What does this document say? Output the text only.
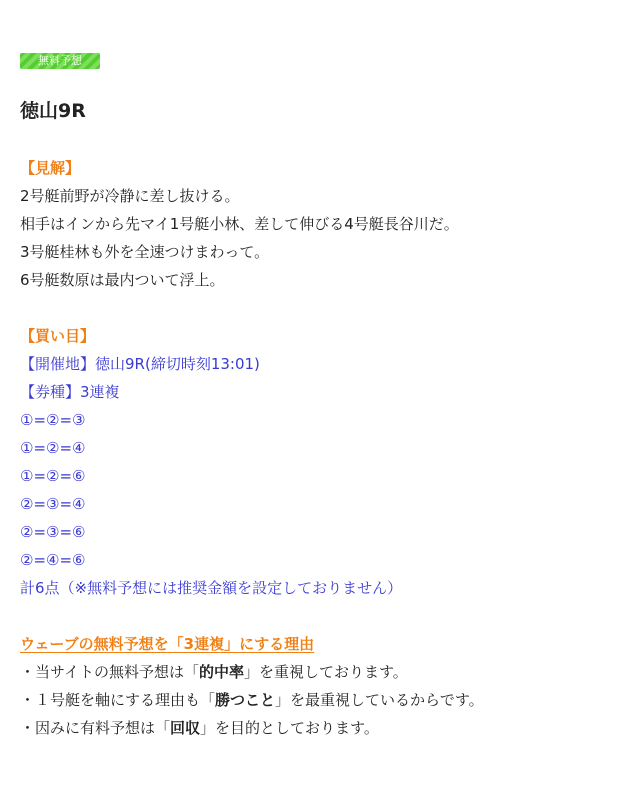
無料予想
徳山9R
【見解】
2号艇前野が冷静に差し抜ける。
相手はインから先マイ1号艇小林、差して伸びる4号艇長谷川だ。
3号艇桂林も外を全速つけまわって。
6号艇数原は最内ついて浮上。
【買い目】
【開催地】徳山9R(締切時刻13:01)
【券種】3連複
①=②=③
①=②=④
①=②=⑥
②=③=④
②=③=⑥
②=④=⑥
計6点（※無料予想には推奨金額を設定しておりません）
ウェーブの無料予想を「3連複」にする理由
・当サイトの無料予想は「的中率」を重視しております。
・１号艇を軸にする理由も「勝つこと」を最重視しているからです。
・因みに有料予想は「回収」を目的としております。
